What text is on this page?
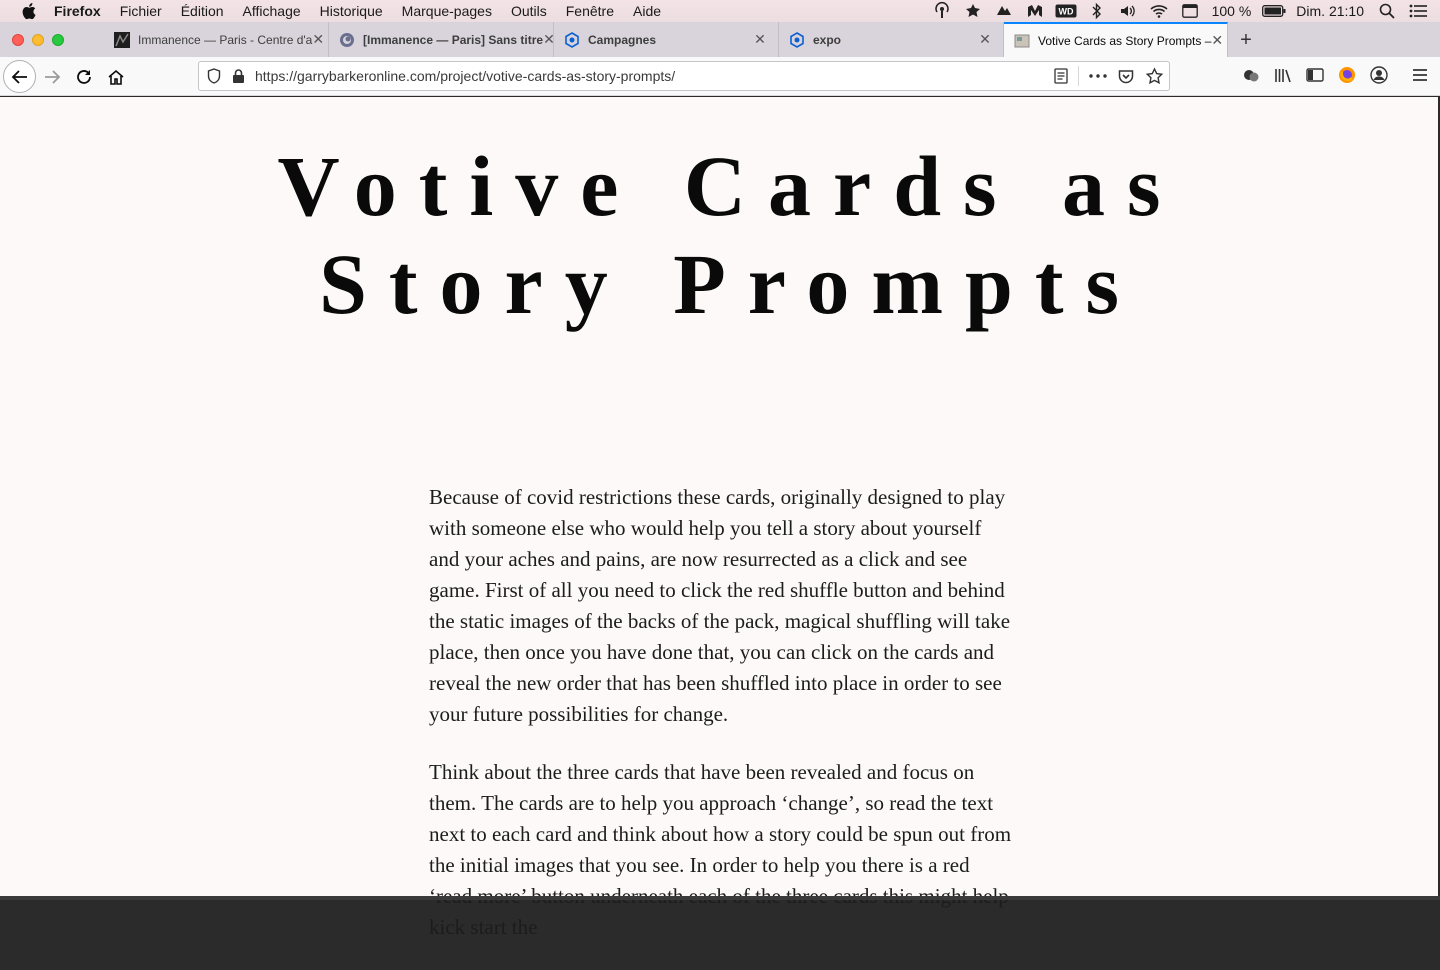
Firefox Fichier Édition Affichage Historique Marque-pages Outils Fenêtre Aide	WD	100 %	Dim. 21:10
Immanence — Paris - Centre d'a ✕	[Immanence — Paris] Sans titre ✕	Campagnes	✕	expo	✕	Votive Cards as Story Prompts – ✕ +
https://garrybarkeronline.com/project/votive-cards-as-story-prompts/
Votive Cards as
Story Prompts

Because of covid restrictions these cards, originally designed to play with someone else who would help you tell a story about yourself and your aches and pains, are now resurrected as a click and see game. First of all you need to click the red shuffle button and behind the static images of the backs of the pack, magical shuffling will take place, then once you have done that, you can click on the cards and reveal the new order that has been shuffled into place in order to see your future possibilities for change.

Think about the three cards that have been revealed and focus on them. The cards are to help you approach ‘change’, so read the text next to each card and think about how a story could be spun out from the initial images that you see. In order to help you there is a red kick start the
